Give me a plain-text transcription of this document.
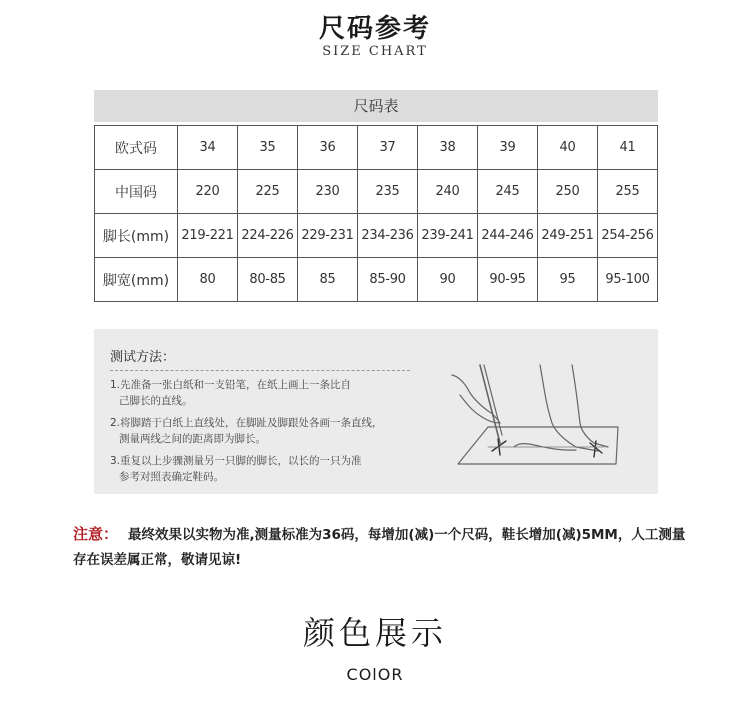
尺码参考
SIZE CHART
尺码表
欧式码	34	35	36	37	38	39	40	41
中国码	220	225	230	235	240	245	250	255
脚长(mm)	219-221	224-226	229-231	234-236	239-241	244-246	249-251	254-256
脚宽(mm)	80	80-85	85	85-90	90	90-95	95	95-100
测试方法：
1.先准备一张白纸和一支铅笔，在纸上画上一条比自
己脚长的直线。
2.将脚踏于白纸上直线处，在脚趾及脚跟处各画一条直线，
测量两线之间的距离即为脚长。
3.重复以上步骤测量另一只脚的脚长，以长的一只为准
参考对照表确定鞋码。
注意： 最终效果以实物为准,测量标准为36码，每增加(减)一个尺码，鞋长增加(减)5MM，人工测量存在误差属正常，敬请见谅!
颜色展示
COlOR
